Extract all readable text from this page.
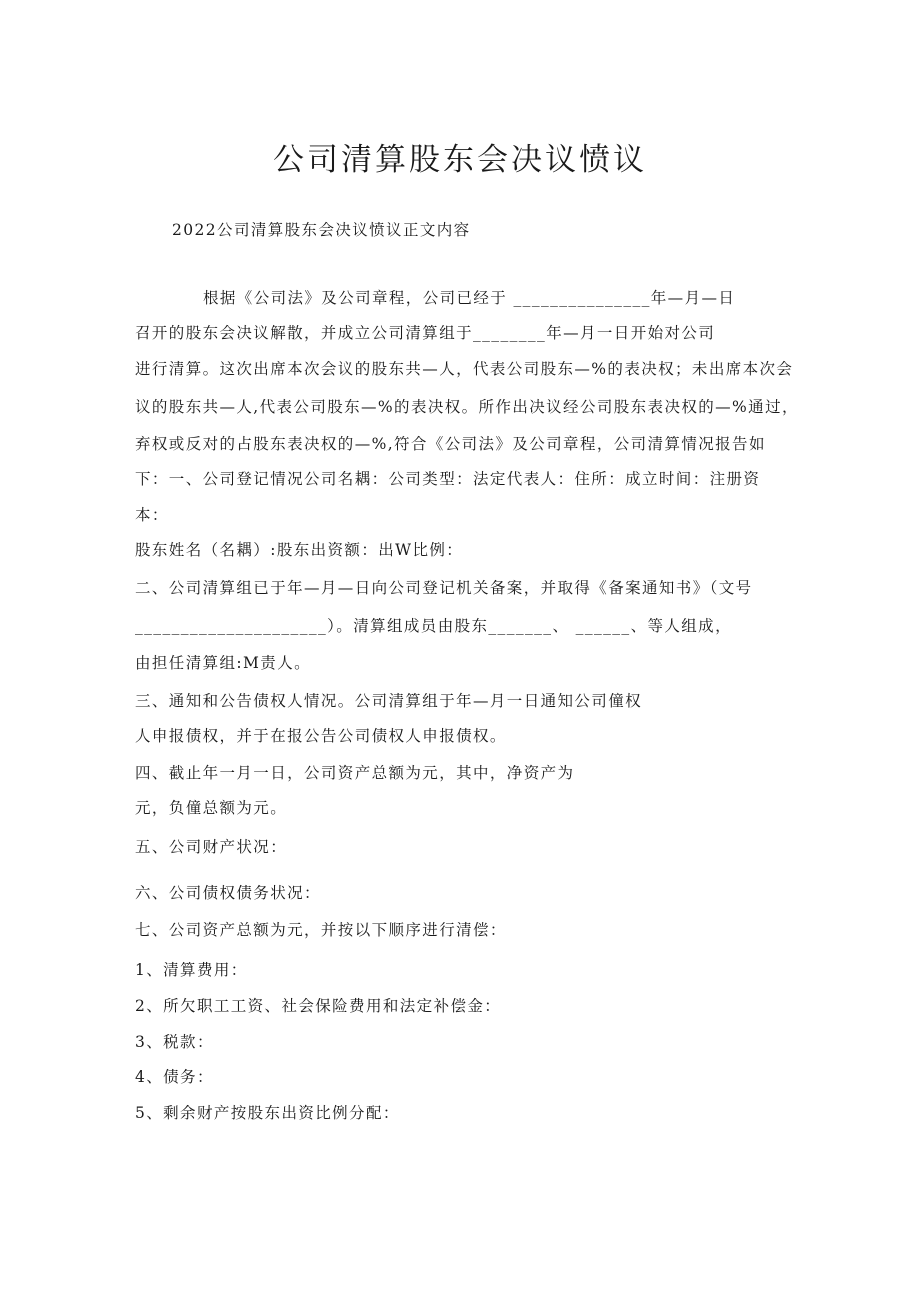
公司清算股东会决议愤议
2022公司清算股东会决议愤议正文内容
根据《公司法》及公司章程，公司已经于 _______________年—月—日
召开的股东会决议解散，并成立公司清算组于________年—月一日开始对公司
进行清算。这次出席本次会议的股东共—人，代表公司股东—%的表决权；未出席本次会
议的股东共—人,代表公司股东—%的表决权。所作出决议经公司股东表决权的—%通过，
弃权或反对的占股东表决权的—%,符合《公司法》及公司章程，公司清算情况报告如
下：一、公司登记情况公司名耦：公司类型：法定代表人：住所：成立时间：注册资
本：
股东姓名（名耦）:股东出资额：出W比例：
二、公司清算组已于年—月—日向公司登记机关备案，并取得《备案通知书》（文号
_____________________）。清算组成员由股东_______、 ______、等人组成，
由担任清算组:M责人。
三、通知和公告债权人情况。公司清算组于年—月一日通知公司僮权
人申报债权，并于在报公告公司债权人申报债权。
四、截止年一月一日，公司资产总额为元，其中，净资产为
元，负僮总额为元。
五、公司财产状况：
六、公司债权债务状况：
七、公司资产总额为元，并按以下顺序进行清偿：
1、清算费用：
2、所欠职工工资、社会保险费用和法定补偿金：
3、税款：
4、债务：
5、剩余财产按股东出资比例分配：
